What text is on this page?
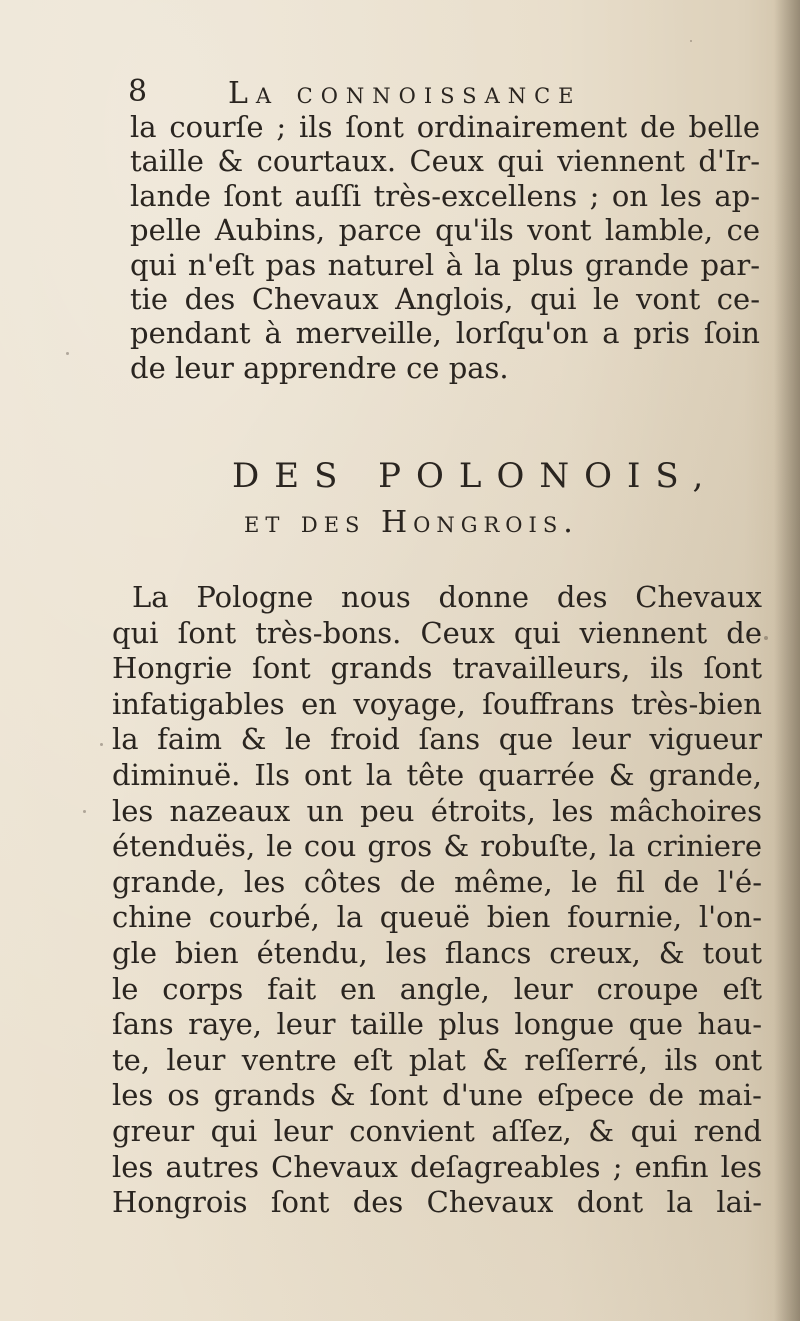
8	La connoissance
la courſe ; ils ſont ordinairement de belle
taille & courtaux. Ceux qui viennent d'Ir-
lande ſont auſſi très-excellens ; on les ap-
pelle Aubins, parce qu'ils vont lamble, ce
qui n'eſt pas naturel à la plus grande par-
tie des Chevaux Anglois, qui le vont ce-
pendant à merveille, lorſqu'on a pris ſoin
de leur apprendre ce pas.
DES POLONOIS,
et des Hongrois.
La Pologne nous donne des Chevaux
qui ſont très-bons. Ceux qui viennent de
Hongrie ſont grands travailleurs, ils ſont
infatigables en voyage, ſouffrans très-bien
la faim & le froid ſans que leur vigueur
diminuë. Ils ont la tête quarrée & grande,
les nazeaux un peu étroits, les mâchoires
étenduës, le cou gros & robuſte, la criniere
grande, les côtes de même, le fil de l'é-
chine courbé, la queuë bien fournie, l'on-
gle bien étendu, les flancs creux, & tout
le corps fait en angle, leur croupe eſt
ſans raye, leur taille plus longue que hau-
te, leur ventre eſt plat & reſſerré, ils ont
les os grands & ſont d'une eſpece de mai-
greur qui leur convient aſſez, & qui rend
les autres Chevaux deſagreables ; enfin les
Hongrois ſont des Chevaux dont la lai-
